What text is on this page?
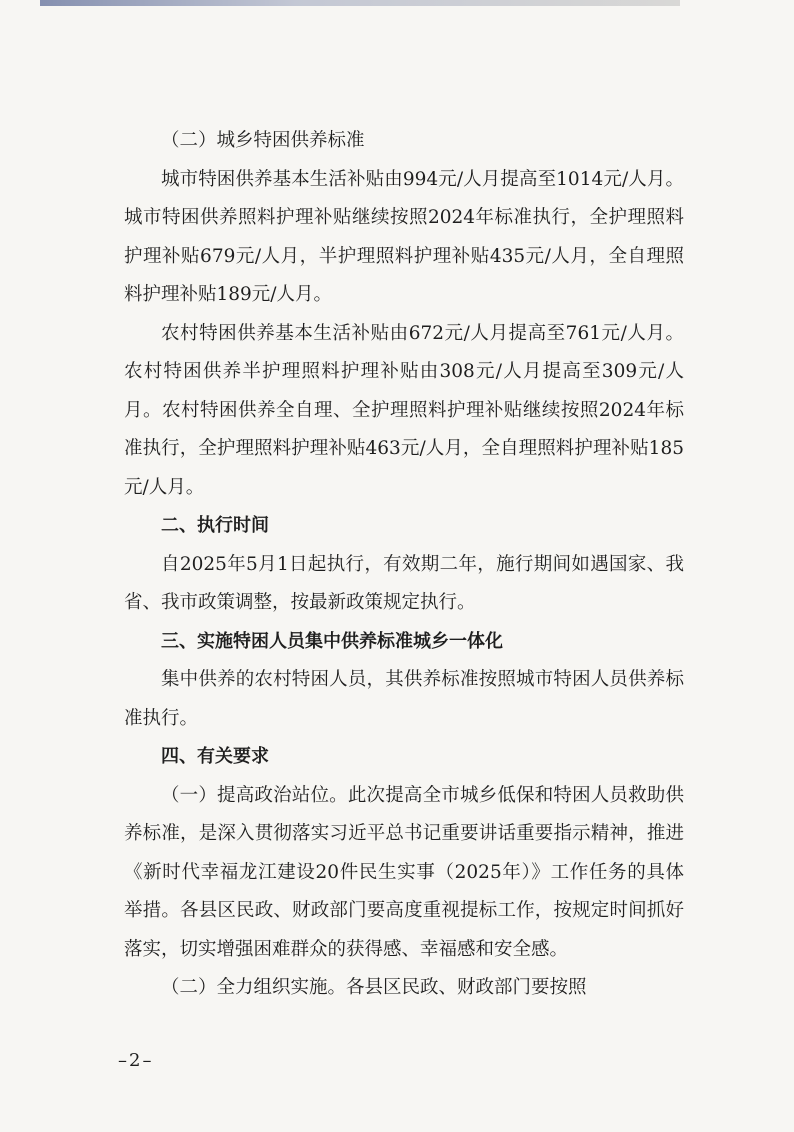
（二）城乡特困供养标准

城市特困供养基本生活补贴由994元/人月提高至1014元/人月。城市特困供养照料护理补贴继续按照2024年标准执行，全护理照料护理补贴679元/人月，半护理照料护理补贴435元/人月，全自理照料护理补贴189元/人月。

农村特困供养基本生活补贴由672元/人月提高至761元/人月。农村特困供养半护理照料护理补贴由308元/人月提高至309元/人月。农村特困供养全自理、全护理照料护理补贴继续按照2024年标准执行，全护理照料护理补贴463元/人月，全自理照料护理补贴185元/人月。

二、执行时间

自2025年5月1日起执行，有效期二年，施行期间如遇国家、我省、我市政策调整，按最新政策规定执行。

三、实施特困人员集中供养标准城乡一体化

集中供养的农村特困人员，其供养标准按照城市特困人员供养标准执行。

四、有关要求

（一）提高政治站位。此次提高全市城乡低保和特困人员救助供养标准，是深入贯彻落实习近平总书记重要讲话重要指示精神，推进《新时代幸福龙江建设20件民生实事（2025年）》工作任务的具体举措。各县区民政、财政部门要高度重视提标工作，按规定时间抓好落实，切实增强困难群众的获得感、幸福感和安全感。

（二）全力组织实施。各县区民政、财政部门要按照

–2–
